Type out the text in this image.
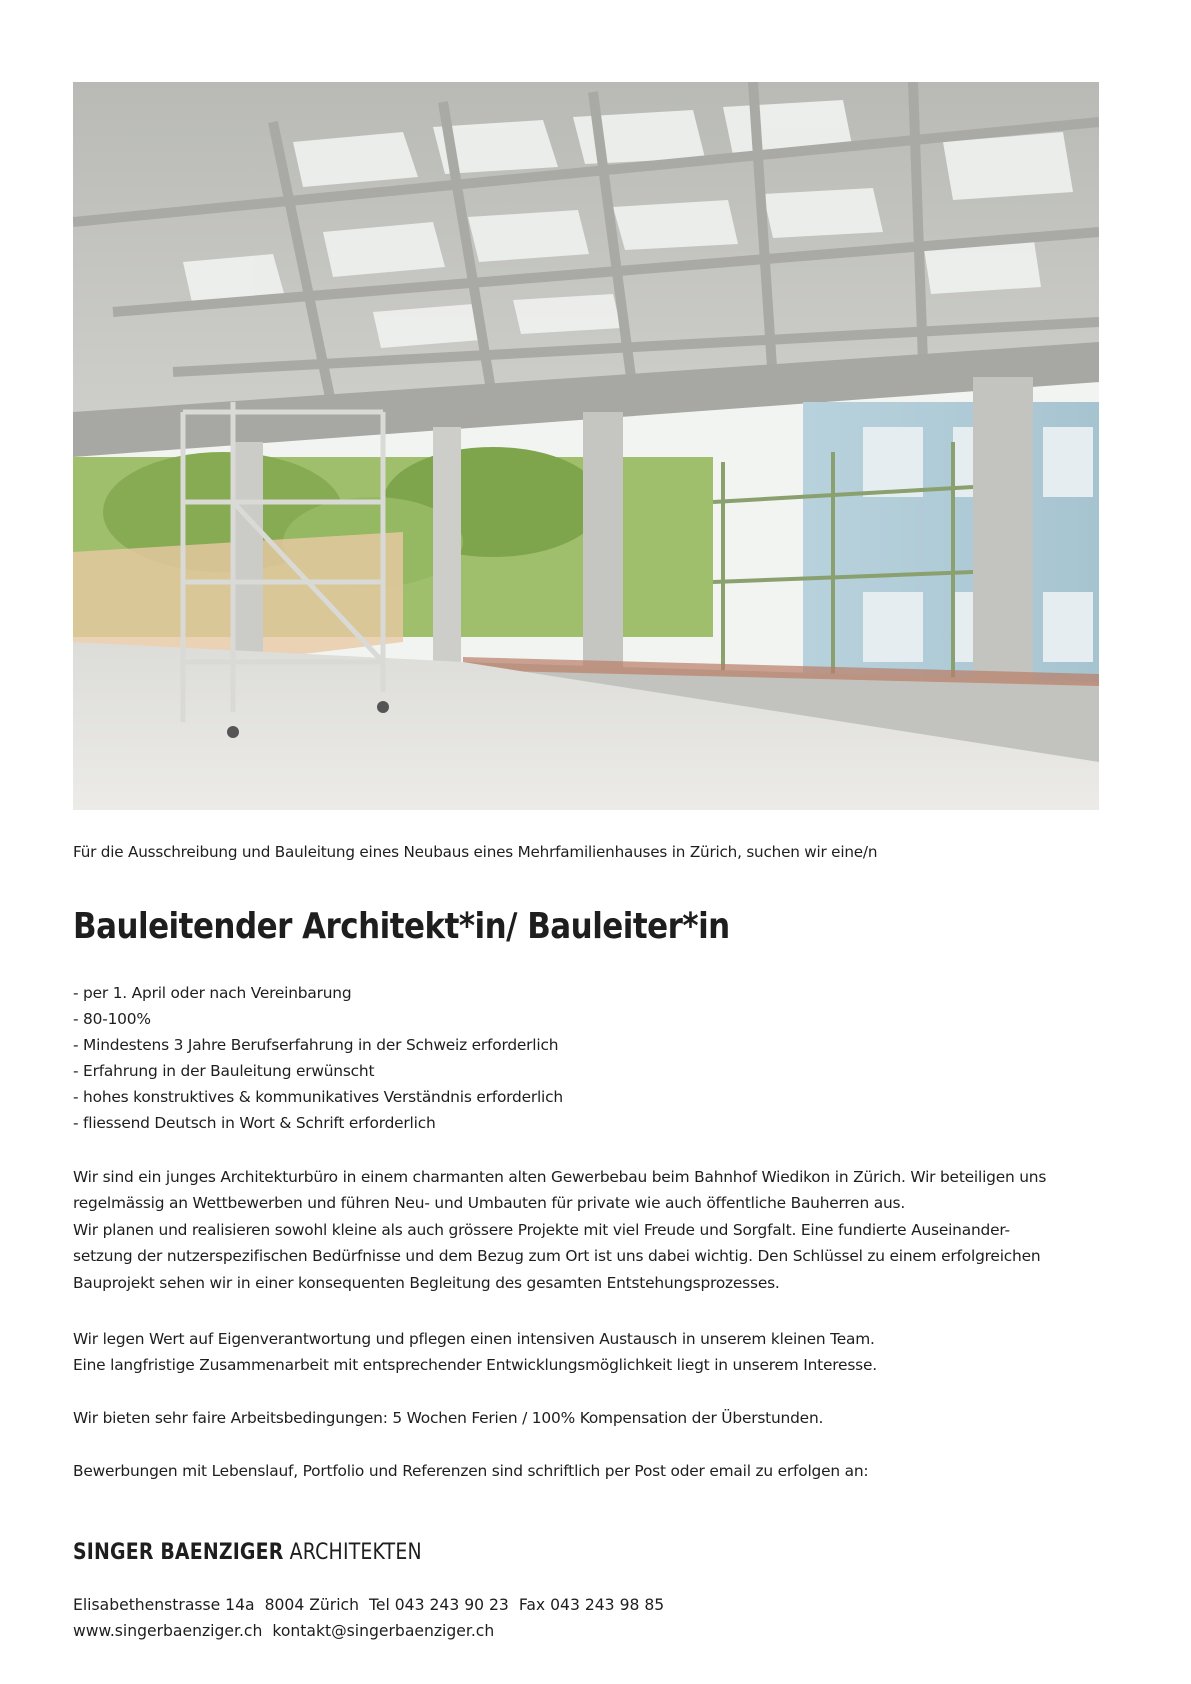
Für die Ausschreibung und Bauleitung eines Neubaus eines Mehrfamilienhauses in Zürich, suchen wir eine/n
Bauleitender Architekt*in/ Bauleiter*in
- per 1. April oder nach Vereinbarung
- 80-100%
- Mindestens 3 Jahre Berufserfahrung in der Schweiz erforderlich
- Erfahrung in der Bauleitung erwünscht
- hohes konstruktives & kommunikatives Verständnis erforderlich
- fliessend Deutsch in Wort & Schrift erforderlich
Wir sind ein junges Architekturbüro in einem charmanten alten Gewerbebau beim Bahnhof Wiedikon in Zürich. Wir beteiligen uns
regelmässig an Wettbewerben und führen Neu- und Umbauten für private wie auch öffentliche Bauherren aus.
Wir planen und realisieren sowohl kleine als auch grössere Projekte mit viel Freude und Sorgfalt. Eine fundierte Auseinander-
setzung der nutzerspezifischen Bedürfnisse und dem Bezug zum Ort ist uns dabei wichtig. Den Schlüssel zu einem erfolgreichen
Bauprojekt sehen wir in einer konsequenten Begleitung des gesamten Entstehungsprozesses.
Wir legen Wert auf Eigenverantwortung und pflegen einen intensiven Austausch in unserem kleinen Team.
Eine langfristige Zusammenarbeit mit entsprechender Entwicklungsmöglichkeit liegt in unserem Interesse.
Wir bieten sehr faire Arbeitsbedingungen: 5 Wochen Ferien / 100% Kompensation der Überstunden.
Bewerbungen mit Lebenslauf, Portfolio und Referenzen sind schriftlich per Post oder email zu erfolgen an:
SINGER BAENZIGER ARCHITEKTEN
Elisabethenstrasse 14a 8004 Zürich Tel 043 243 90 23 Fax 043 243 98 85
www.singerbaenziger.ch kontakt@singerbaenziger.ch
